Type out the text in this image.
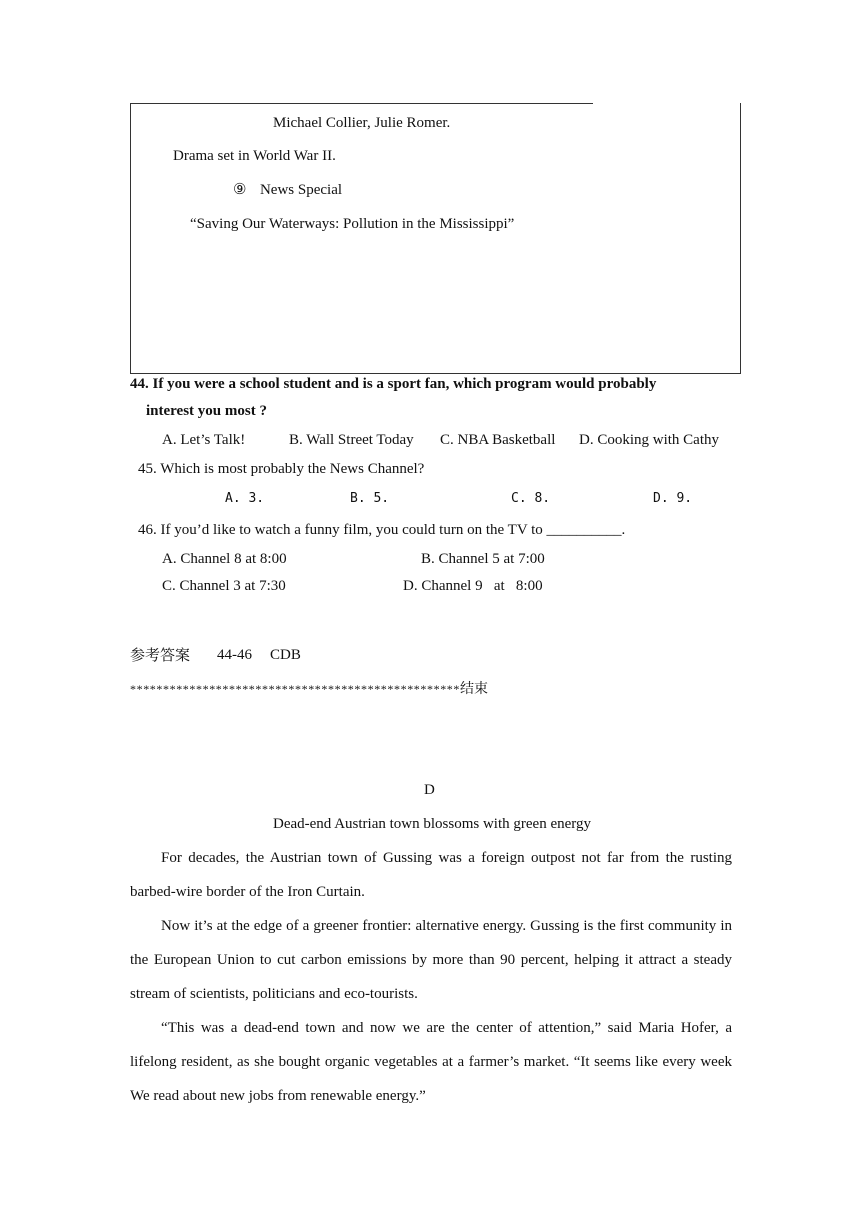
Michael Collier, Julie Romer.
Drama set in World War II.
⑨ News Special
“Saving Our Waterways: Pollution in the Mississippi”
44. If you were a school student and is a sport fan, which program would probably
interest you most ?
A. Let’s Talk!	B. Wall Street Today C. NBA Basketball D. Cooking with Cathy
45. Which is most probably the News Channel?
A. 3.	B. 5.	C. 8.	D. 9.
46. If you’d like to watch a funny film, you could turn on the TV to __________.
A. Channel 8 at 8:00	B. Channel 5 at 7:00
C. Channel 3 at 7:30	D. Channel 9   at   8:00
参考答案 44-46 CDB
**************************************************结束
D
Dead-end Austrian town blossoms with green energy
For decades, the Austrian town of Gussing was a foreign outpost not far from the rusting barbed-wire border of the Iron Curtain.
Now it’s at the edge of a greener frontier: alternative energy. Gussing is the first community in the European Union to cut carbon emissions by more than 90 percent, helping it attract a steady stream of scientists, politicians and eco-tourists.
“This was a dead-end town and now we are the center of attention,” said Maria Hofer, a lifelong resident, as she bought organic vegetables at a farmer’s market. “It seems like every week We read about new jobs from renewable energy.”
